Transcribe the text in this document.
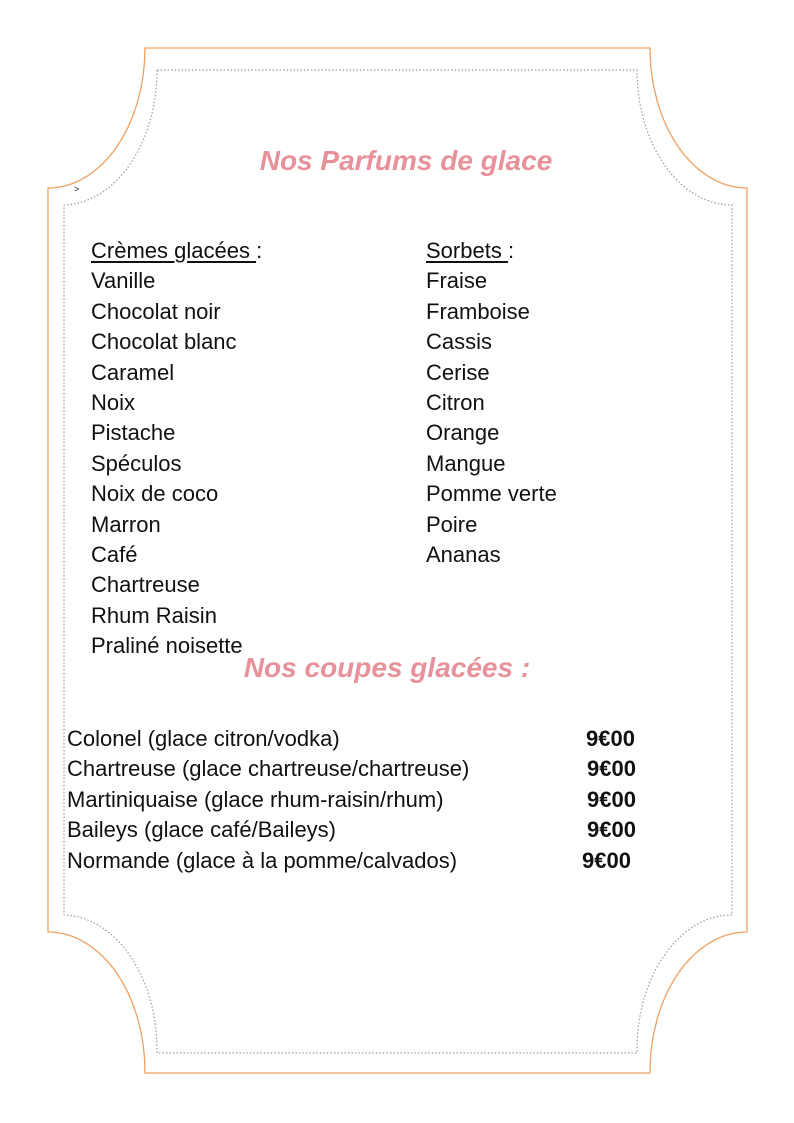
>
Nos Parfums de glace
Crèmes glacées :
Vanille
Chocolat noir
Chocolat blanc
Caramel
Noix
Pistache
Spéculos
Noix de coco
Marron
Café
Chartreuse
Rhum Raisin
Praliné noisette
Sorbets :
Fraise
Framboise
Cassis
Cerise
Citron
Orange
Mangue
Pomme verte
Poire
Ananas
Nos coupes glacées :
Colonel (glace citron/vodka)	9€00
Chartreuse (glace chartreuse/chartreuse)	9€00
Martiniquaise (glace rhum-raisin/rhum)	9€00
Baileys (glace café/Baileys)	9€00
Normande (glace à la pomme/calvados)	9€00
